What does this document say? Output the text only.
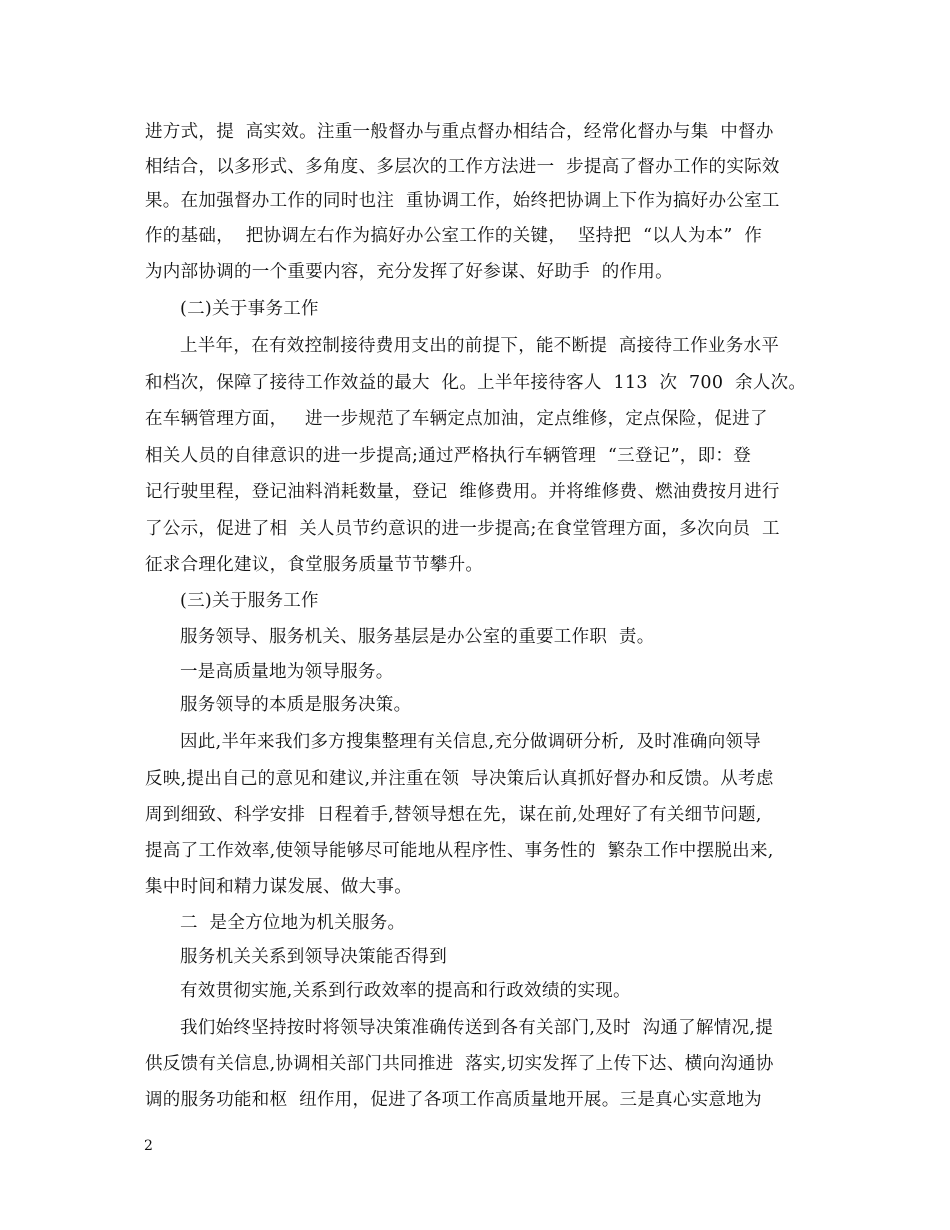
进方式，提  高实效。注重一般督办与重点督办相结合，经常化督办与集  中督办
相结合，以多形式、多角度、多层次的工作方法进一  步提高了督办工作的实际效
果。在加强督办工作的同时也注  重协调工作，始终把协调上下作为搞好办公室工
作的基础，  把协调左右作为搞好办公室工作的关键，  坚持把  “以人为本”  作
为内部协调的一个重要内容，充分发挥了好参谋、好助手  的作用。
(二)关于事务工作
上半年，在有效控制接待费用支出的前提下，能不断提  高接待工作业务水平
和档次，保障了接待工作效益的最大  化。上半年接待客人  113  次  700  余人次。
在车辆管理方面，   进一步规范了车辆定点加油，定点维修，定点保险，促进了
相关人员的自律意识的进一步提高;通过严格执行车辆管理  “三登记”，即：登
记行驶里程，登记油料消耗数量，登记  维修费用。并将维修费、燃油费按月进行
了公示，促进了相  关人员节约意识的进一步提高;在食堂管理方面，多次向员  工
征求合理化建议，食堂服务质量节节攀升。
(三)关于服务工作
服务领导、服务机关、服务基层是办公室的重要工作职  责。
一是高质量地为领导服务。
服务领导的本质是服务决策。
因此,半年来我们多方搜集整理有关信息,充分做调研分析,  及时准确向领导
反映,提出自己的意见和建议,并注重在领  导决策后认真抓好督办和反馈。从考虑
周到细致、科学安排  日程着手,替领导想在先，谋在前,处理好了有关细节问题,
提高了工作效率,使领导能够尽可能地从程序性、事务性的  繁杂工作中摆脱出来,
集中时间和精力谋发展、做大事。
二  是全方位地为机关服务。
服务机关关系到领导决策能否得到
有效贯彻实施,关系到行政效率的提高和行政效绩的实现。
我们始终坚持按时将领导决策准确传送到各有关部门,及时  沟通了解情况,提
供反馈有关信息,协调相关部门共同推进  落实,切实发挥了上传下达、横向沟通协
调的服务功能和枢  纽作用，促进了各项工作高质量地开展。三是真心实意地为
2
